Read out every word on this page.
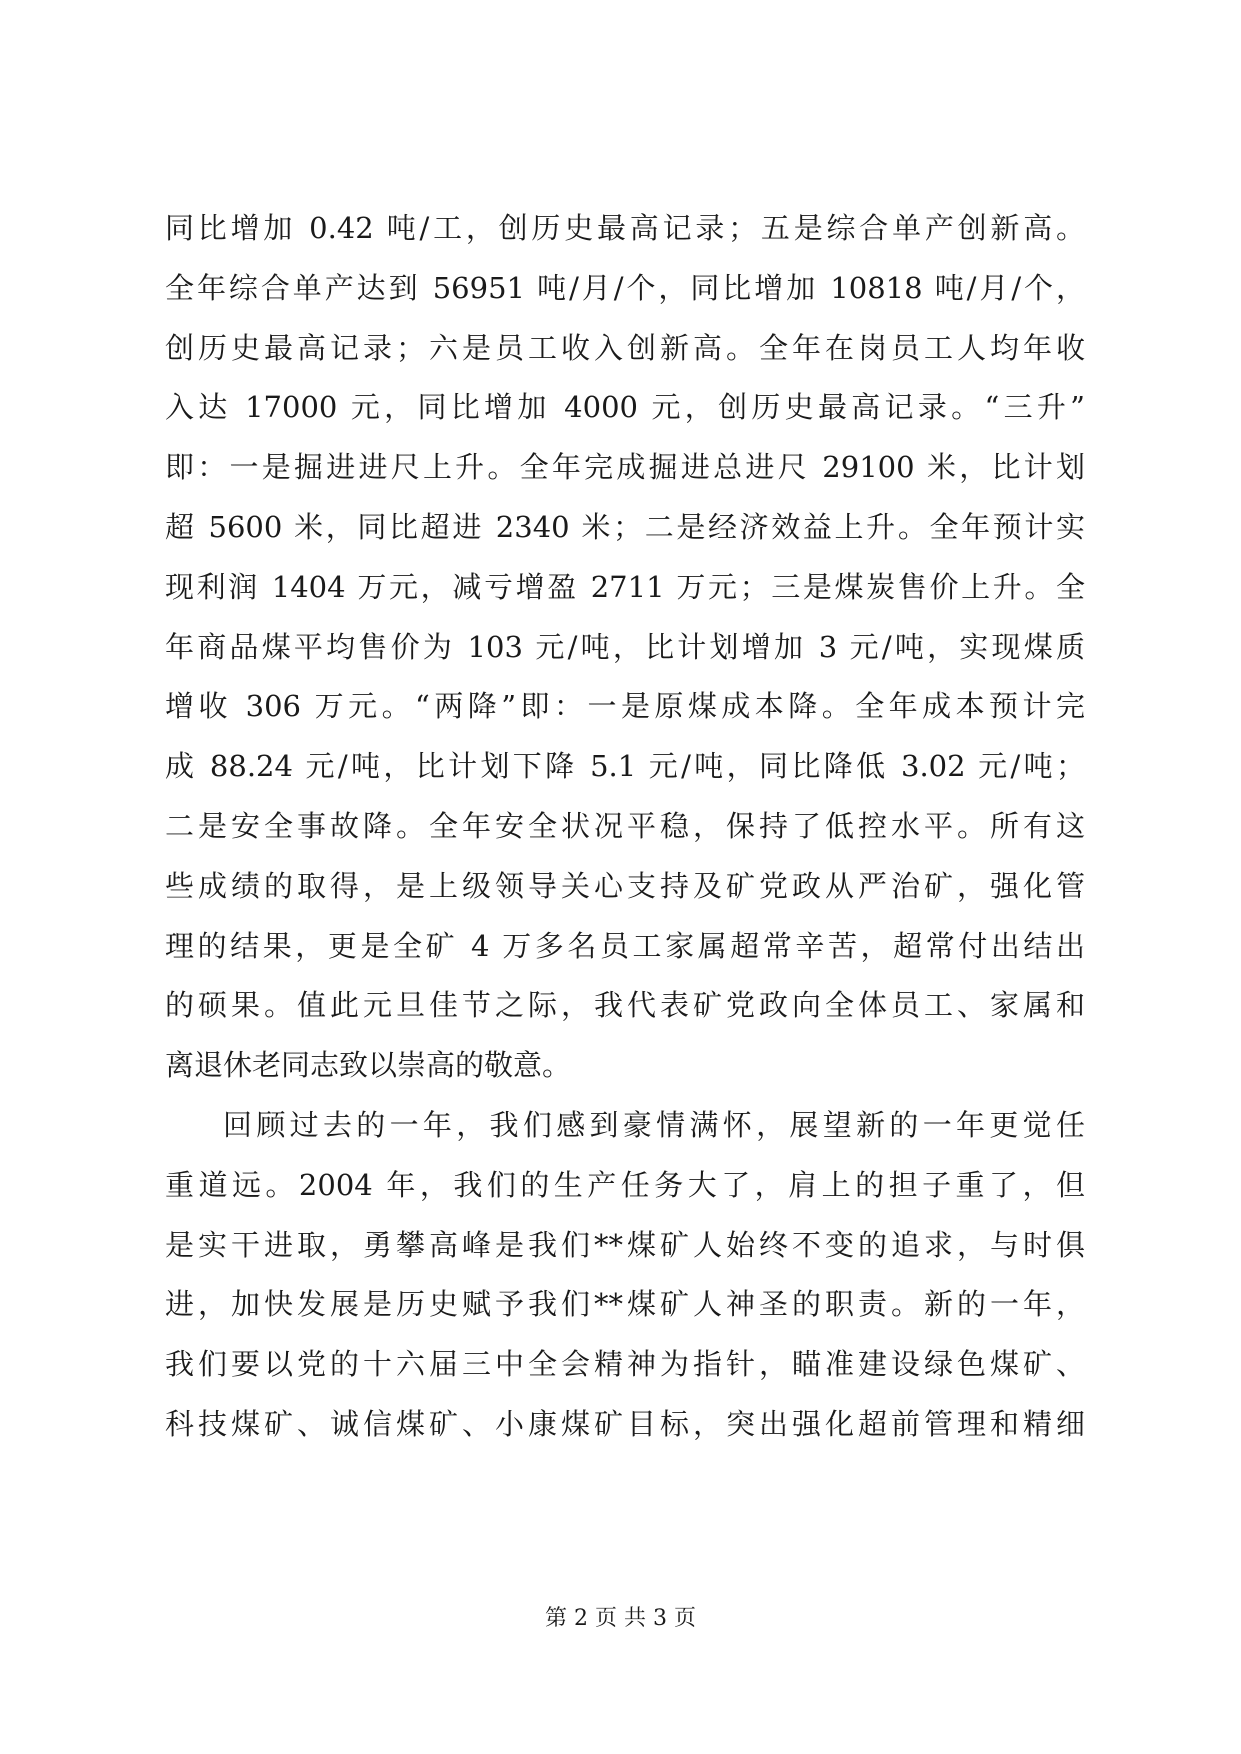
同比增加 0.42 吨/工，创历史最高记录；五是综合单产创新高。
全年综合单产达到 56951 吨/月/个，同比增加 10818 吨/月/个，
创历史最高记录；六是员工收入创新高。全年在岗员工人均年收
入达 17000 元，同比增加 4000 元，创历史最高记录。“三升”
即：一是掘进进尺上升。全年完成掘进总进尺 29100 米，比计划
超 5600 米，同比超进 2340 米；二是经济效益上升。全年预计实
现利润 1404 万元，减亏增盈 2711 万元；三是煤炭售价上升。全
年商品煤平均售价为 103 元/吨，比计划增加 3 元/吨，实现煤质
增收 306 万元。“两降”即：一是原煤成本降。全年成本预计完
成 88.24 元/吨，比计划下降 5.1 元/吨，同比降低 3.02 元/吨；
二是安全事故降。全年安全状况平稳，保持了低控水平。所有这
些成绩的取得，是上级领导关心支持及矿党政从严治矿，强化管
理的结果，更是全矿 4 万多名员工家属超常辛苦，超常付出结出
的硕果。值此元旦佳节之际，我代表矿党政向全体员工、家属和
离退休老同志致以崇高的敬意。
回顾过去的一年，我们感到豪情满怀，展望新的一年更觉任
重道远。2004 年，我们的生产任务大了，肩上的担子重了，但
是实干进取，勇攀高峰是我们**煤矿人始终不变的追求，与时俱
进，加快发展是历史赋予我们**煤矿人神圣的职责。新的一年，
我们要以党的十六届三中全会精神为指针，瞄准建设绿色煤矿、
科技煤矿、诚信煤矿、小康煤矿目标，突出强化超前管理和精细
第 2 页 共 3 页
